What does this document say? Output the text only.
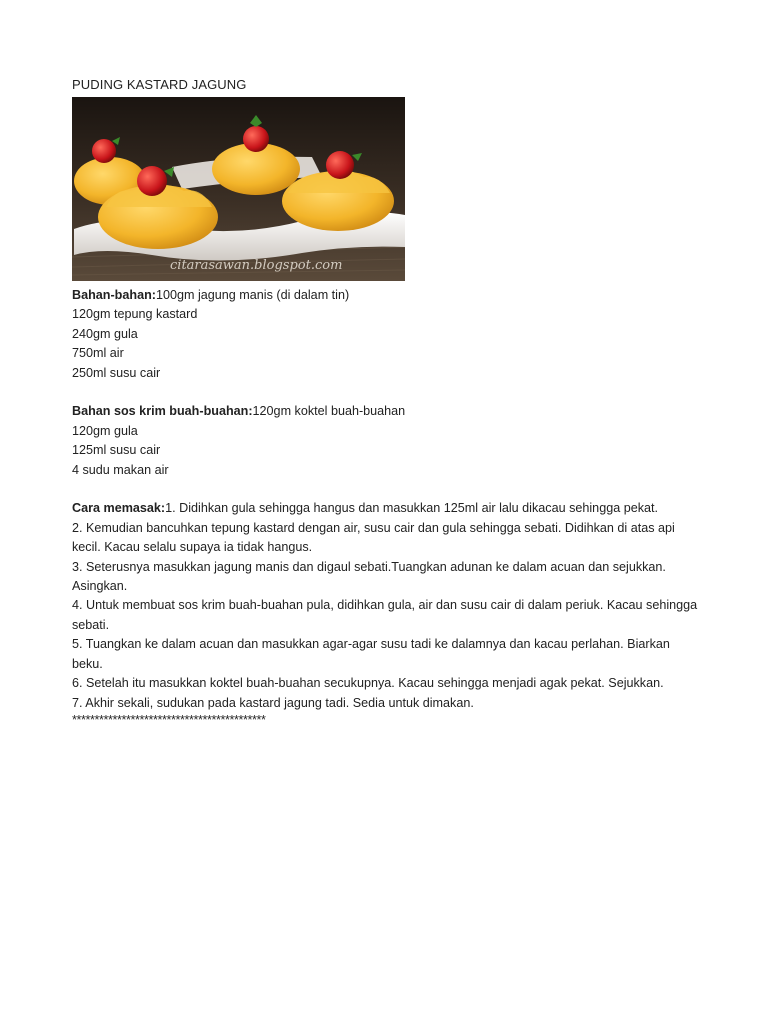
PUDING KASTARD JAGUNG
citarasawan.blogspot.com
Bahan-bahan:100gm jagung manis (di dalam tin)
120gm tepung kastard
240gm gula
750ml air
250ml susu cair
Bahan sos krim buah-buahan:120gm koktel buah-buahan
120gm gula
125ml susu cair
4 sudu makan air
Cara memasak:1. Didihkan gula sehingga hangus dan masukkan 125ml air lalu dikacau sehingga pekat.
2. Kemudian bancuhkan tepung kastard dengan air, susu cair dan gula sehingga sebati. Didihkan di atas api kecil. Kacau selalu supaya ia tidak hangus.
3. Seterusnya masukkan jagung manis dan digaul sebati.Tuangkan adunan ke dalam acuan dan sejukkan. Asingkan.
4. Untuk membuat sos krim buah-buahan pula, didihkan gula, air dan susu cair di dalam periuk. Kacau sehingga sebati.
5. Tuangkan ke dalam acuan dan masukkan agar-agar susu tadi ke dalamnya dan kacau perlahan. Biarkan beku.
6. Setelah itu masukkan koktel buah-buahan secukupnya. Kacau sehingga menjadi agak pekat. Sejukkan.
7. Akhir sekali, sudukan pada kastard jagung tadi. Sedia untuk dimakan.
*******************************************
